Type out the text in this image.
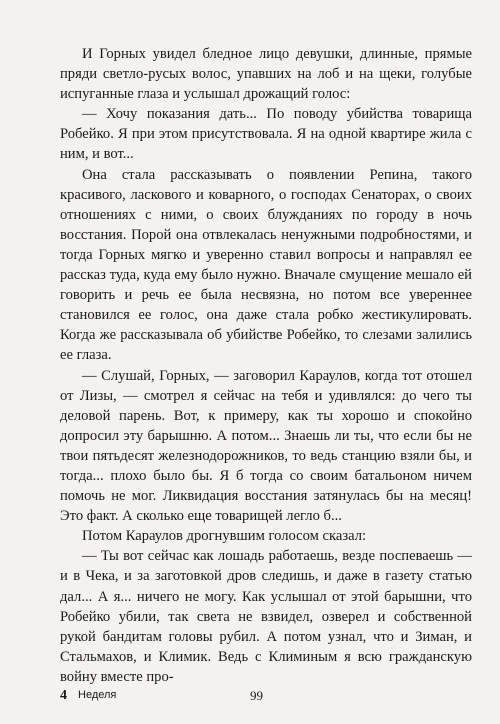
И Горных увидел бледное лицо девушки, длинные, прямые пряди светло-русых волос, упавших на лоб и на щеки, голубые испуганные глаза и услышал дрожащий голос:

— Хочу показания дать... По поводу убийства товарища Робейко. Я при этом присутствовала. Я на одной квартире жила с ним, и вот...

Она стала рассказывать о появлении Репина, такого красивого, ласкового и коварного, о господах Сенаторах, о своих отношениях с ними, о своих блужданиях по городу в ночь восстания. Порой она отвлекалась ненужными подробностями, и тогда Горных мягко и уверенно ставил вопросы и направлял ее рассказ туда, куда ему было нужно. Вначале смущение мешало ей говорить и речь ее была несвязна, но потом все увереннее становился ее голос, она даже стала робко жестикулировать. Когда же рассказывала об убийстве Робейко, то слезами залились ее глаза.

— Слушай, Горных, — заговорил Караулов, когда тот отошел от Лизы, — смотрел я сейчас на тебя и удивлялся: до чего ты деловой парень. Вот, к примеру, как ты хорошо и спокойно допросил эту барышню. А потом... Знаешь ли ты, что если бы не твои пятьдесят железнодорожников, то ведь станцию взяли бы, и тогда... плохо было бы. Я б тогда со своим батальоном ничем помочь не мог. Ликвидация восстания затянулась бы на месяц! Это факт. А сколько еще товарищей легло б...

Потом Караулов дрогнувшим голосом сказал:

— Ты вот сейчас как лошадь работаешь, везде поспеваешь — и в Чека, и за заготовкой дров следишь, и даже в газету статью дал... А я... ничего не могу. Как услышал от этой барышни, что Робейко убили, так света не взвидел, озверел и собственной рукой бандитам головы рубил. А потом узнал, что и Зиман, и Стальмахов, и Климик. Ведь с Климиным я всю гражданскую войну вместе про-

4 Неделя	99
